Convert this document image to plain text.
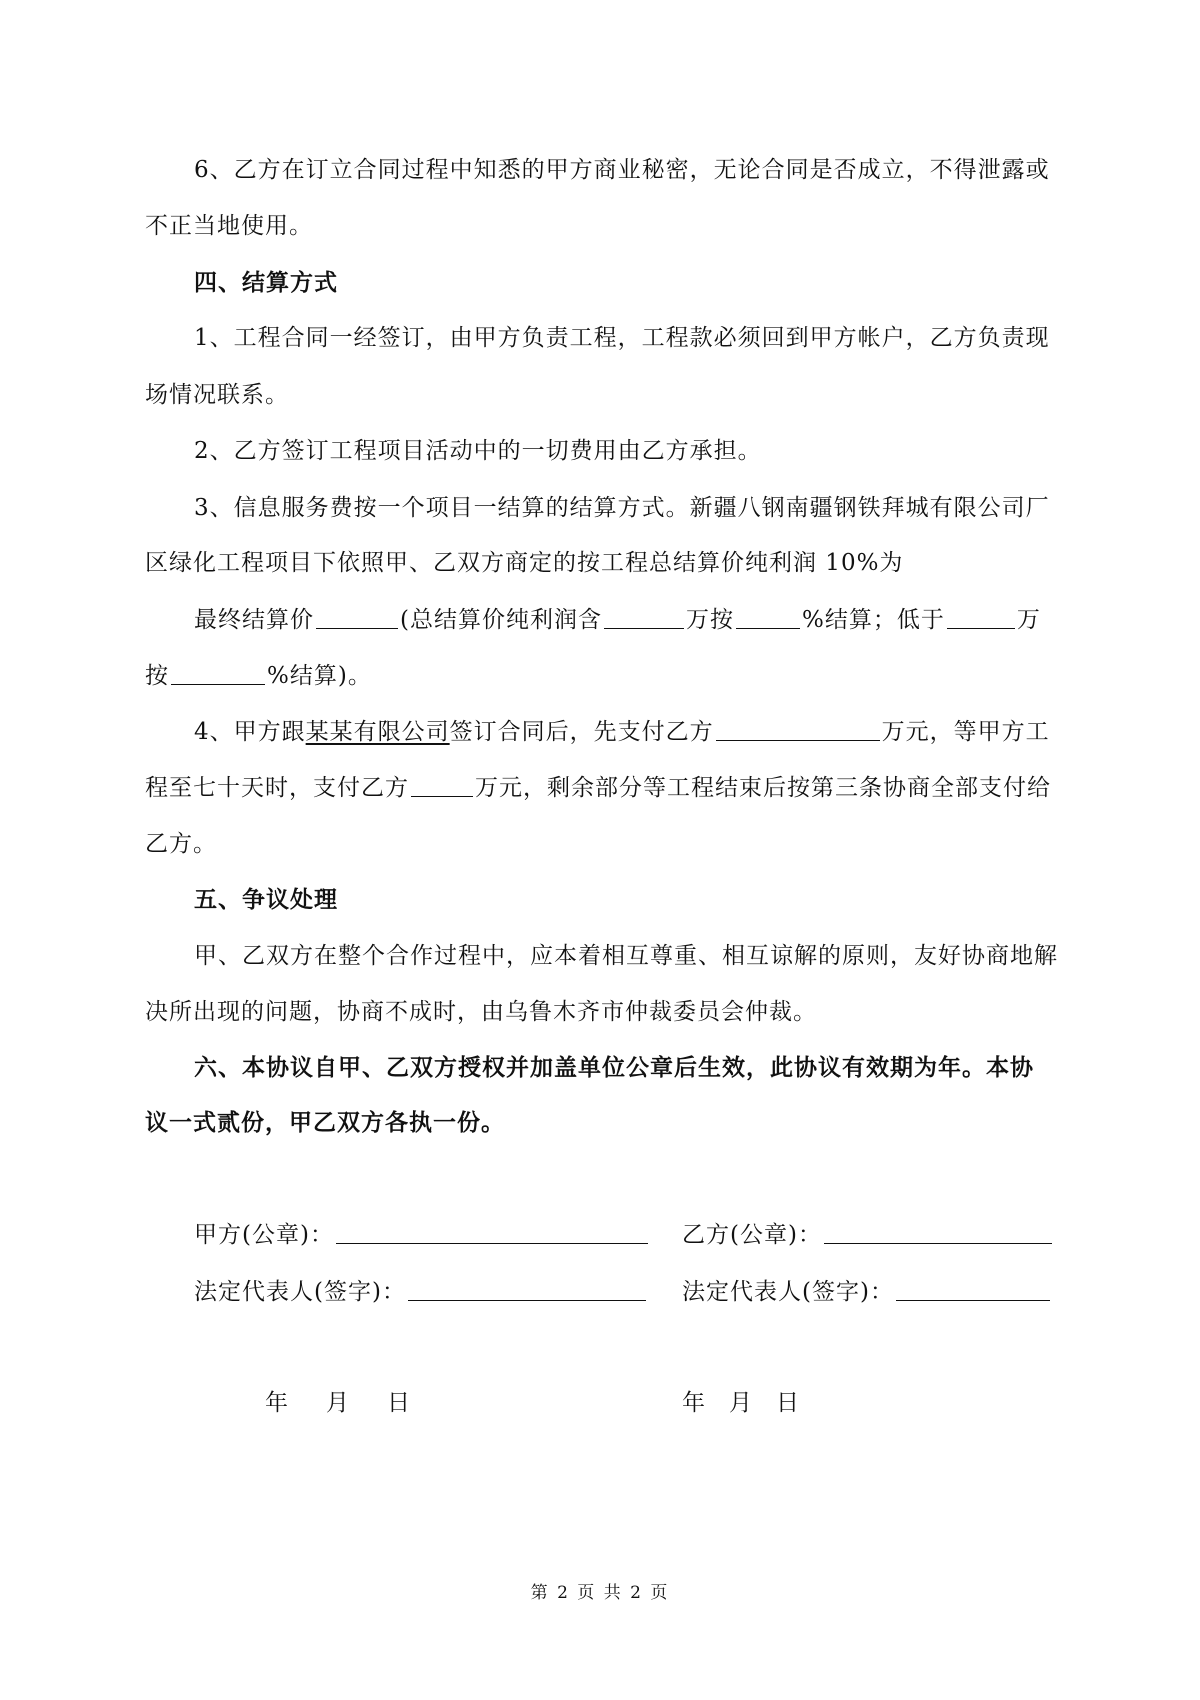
6、乙方在订立合同过程中知悉的甲方商业秘密，无论合同是否成立，不得泄露或
不正当地使用。
四、结算方式
1、工程合同一经签订，由甲方负责工程，工程款必须回到甲方帐户，乙方负责现
场情况联系。
2、乙方签订工程项目活动中的一切费用由乙方承担。
3、信息服务费按一个项目一结算的结算方式。新疆八钢南疆钢铁拜城有限公司厂
区绿化工程项目下依照甲、乙双方商定的按工程总结算价纯利润 10%为
最终结算价	(总结算价纯利润含	万按	%结算；低于	万
按	%结算)。
4、甲方跟某某有限公司签订合同后，先支付乙方	万元，等甲方工
程至七十天时，支付乙方	万元，剩余部分等工程结束后按第三条协商全部支付给
乙方。
五、争议处理
甲、乙双方在整个合作过程中，应本着相互尊重、相互谅解的原则，友好协商地解
决所出现的问题，协商不成时，由乌鲁木齐市仲裁委员会仲裁。
六、本协议自甲、乙双方授权并加盖单位公章后生效，此协议有效期为年。本协
议一式贰份，甲乙双方各执一份。
甲方(公章)：	乙方(公章)：
法定代表人(签字)：	法定代表人(签字)：
年 月 日	年 月 日
第 2 页 共 2 页
